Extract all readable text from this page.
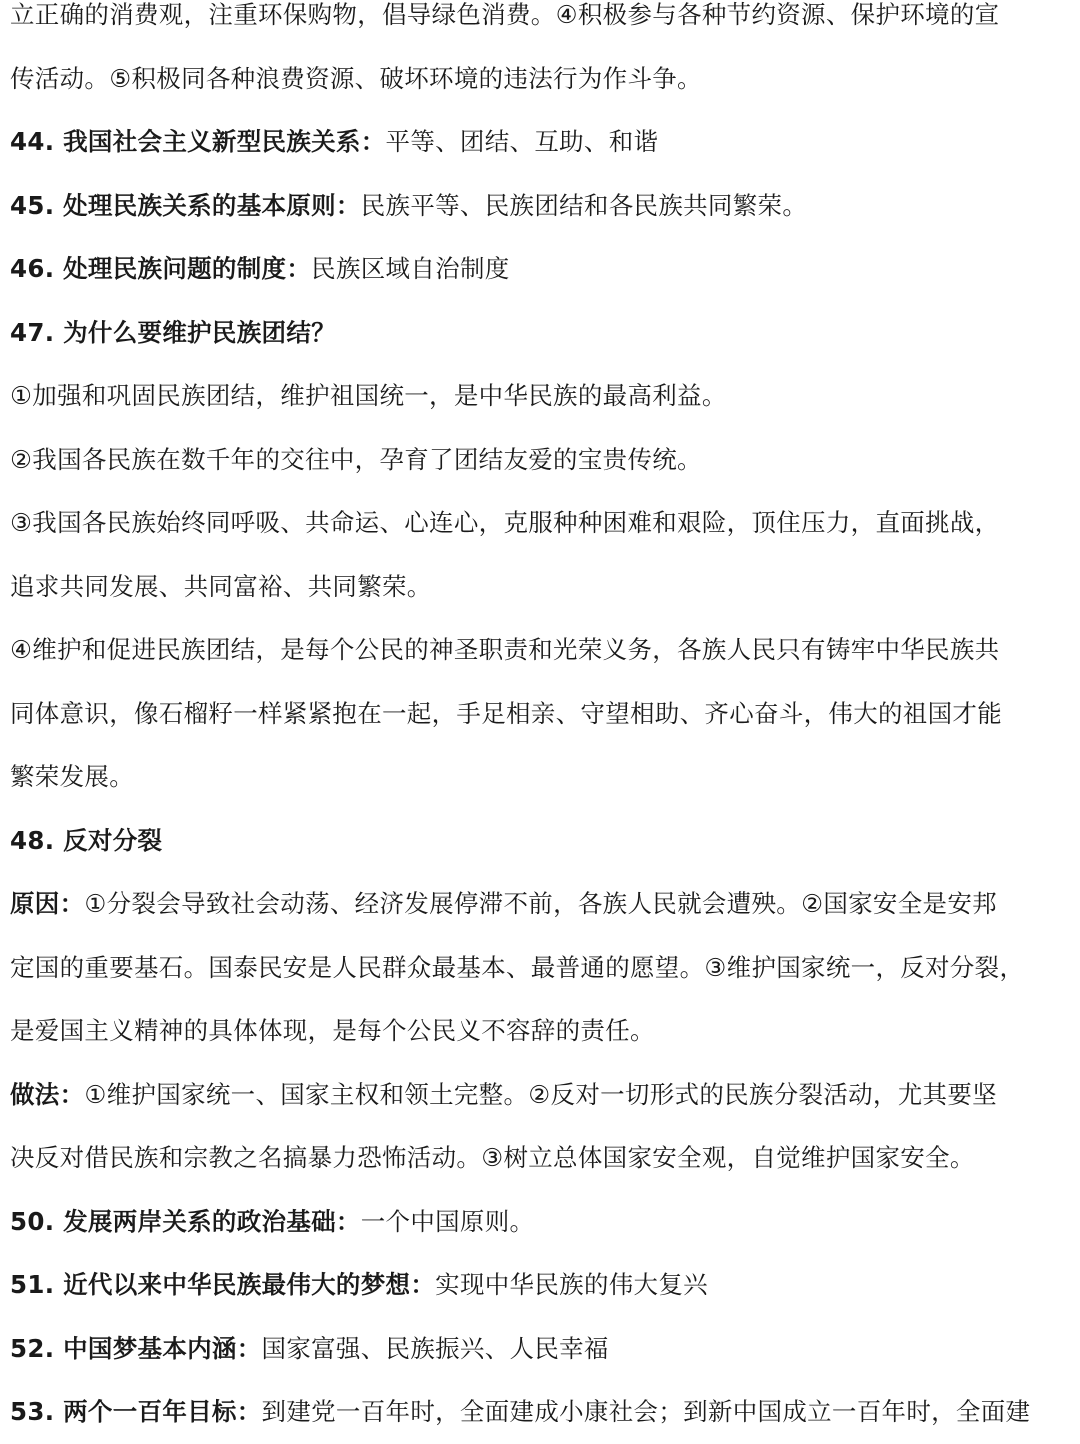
立正确的消费观，注重环保购物，倡导绿色消费。④积极参与各种节约资源、保护环境的宣
传活动。⑤积极同各种浪费资源、破坏环境的违法行为作斗争。
44. 我国社会主义新型民族关系：平等、团结、互助、和谐
45. 处理民族关系的基本原则：民族平等、民族团结和各民族共同繁荣。
46. 处理民族问题的制度：民族区域自治制度
47. 为什么要维护民族团结？
①加强和巩固民族团结，维护祖国统一，是中华民族的最高利益。
②我国各民族在数千年的交往中，孕育了团结友爱的宝贵传统。
③我国各民族始终同呼吸、共命运、心连心，克服种种困难和艰险，顶住压力，直面挑战，
追求共同发展、共同富裕、共同繁荣。
④维护和促进民族团结，是每个公民的神圣职责和光荣义务，各族人民只有铸牢中华民族共
同体意识，像石榴籽一样紧紧抱在一起，手足相亲、守望相助、齐心奋斗，伟大的祖国才能
繁荣发展。
48. 反对分裂
原因：①分裂会导致社会动荡、经济发展停滞不前，各族人民就会遭殃。②国家安全是安邦
定国的重要基石。国泰民安是人民群众最基本、最普通的愿望。③维护国家统一，反对分裂，
是爱国主义精神的具体体现，是每个公民义不容辞的责任。
做法：①维护国家统一、国家主权和领土完整。②反对一切形式的民族分裂活动，尤其要坚
决反对借民族和宗教之名搞暴力恐怖活动。③树立总体国家安全观，自觉维护国家安全。
50. 发展两岸关系的政治基础：一个中国原则。
51. 近代以来中华民族最伟大的梦想：实现中华民族的伟大复兴
52. 中国梦基本内涵：国家富强、民族振兴、人民幸福
53. 两个一百年目标：到建党一百年时，全面建成小康社会；到新中国成立一百年时，全面建
